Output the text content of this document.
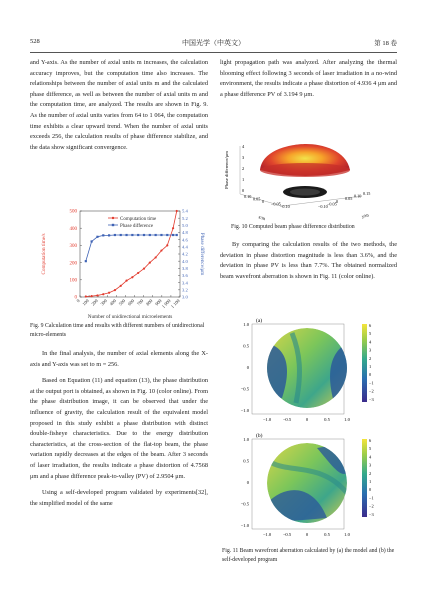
528	中国光学（中英文）	第 18 卷

and Y-axis. As the number of axial units m increases, the calculation accuracy improves, but the computation time also increases. The relationships between the number of axial units m and the calculated phase difference, as well as between the number of axial units m and the computation time, are analyzed. The results are shown in Fig. 9. As the number of axial units varies from 64 to 1 064, the computation time exhibits a clear upward trend. When the number of axial units exceeds 256, the calculation results of phase difference stabilize, and the data show significant convergence.

0
100
200
300
400
500
3.0
3.2
3.4
3.6
3.8
4.0
4.2
4.4
4.6
4.8
5.0
5.2
5.4
0 100 200 300 400 500 600 700 800 900
1 000
1 100
Computation time
Phase difference
Computation time/s	Phase difference/μm
Number of unidirectional microelements
Fig. 9 Calculation time and results with different numbers of unidirectional micro-elements

In the final analysis, the number of axial elements along the X-axis and Y-axis was set to m = 256.

Based on Equation (11) and equation (13), the phase distribution at the output port is obtained, as shown in Fig. 10 (color online). From the phase distribution image, it can be observed that under the influence of gravity, the calculation result of the equivalent model proposed in this study exhibit a phase distribution with distinct double-fisheye characteristics. Due to the energy distribution characteristics, at the cross-section of the flat-top beam, the phase variation rapidly decreases at the edges of the beam. After 3 seconds of laser irradiation, the results indicate a phase distortion of 4.7568 μm and a phase difference peak-to-valley (PV) of 2.9504 μm.

Using a self-developed program validated by experiments[32], the simplified model of the same

light propagation path was analyzed. After analyzing the thermal blooming effect following 3 seconds of laser irradiation in a no-wind environment, the results indicate a phase distortion of 4.936 4 μm and a phase difference PV of 3.194 9 μm.

4
3
2
1
0
Phase difference/μm
0.10 0.05 0 −0.05 −0.10	−0.10
−0.05
0
0.05
0.10
0.15
x/m	y/m
Fig. 10 Computed beam phase difference distribution

By comparing the calculation results of the two methods, the deviation in phase distortion magnitude is less than 3.6%, and the deviation in phase PV is less than 7.7%. The obtained normalized beam wavefront aberration is shown in Fig. 11 (color online).

(a)
1.0
0.5
0
−0.5
−1.0
−1.0	−0.5	0	0.5	1.0
6
5
4
3
2
1
0
−1
−2
−3
(b)
1.0
0.5
0
−0.5
−1.0
−1.0	−0.5	0	0.5	1.0
6
5
4
3
2
1
0
−1
−2
−3
Fig. 11 Beam wavefront aberration calculated by (a) the model and (b) the self-developed program
